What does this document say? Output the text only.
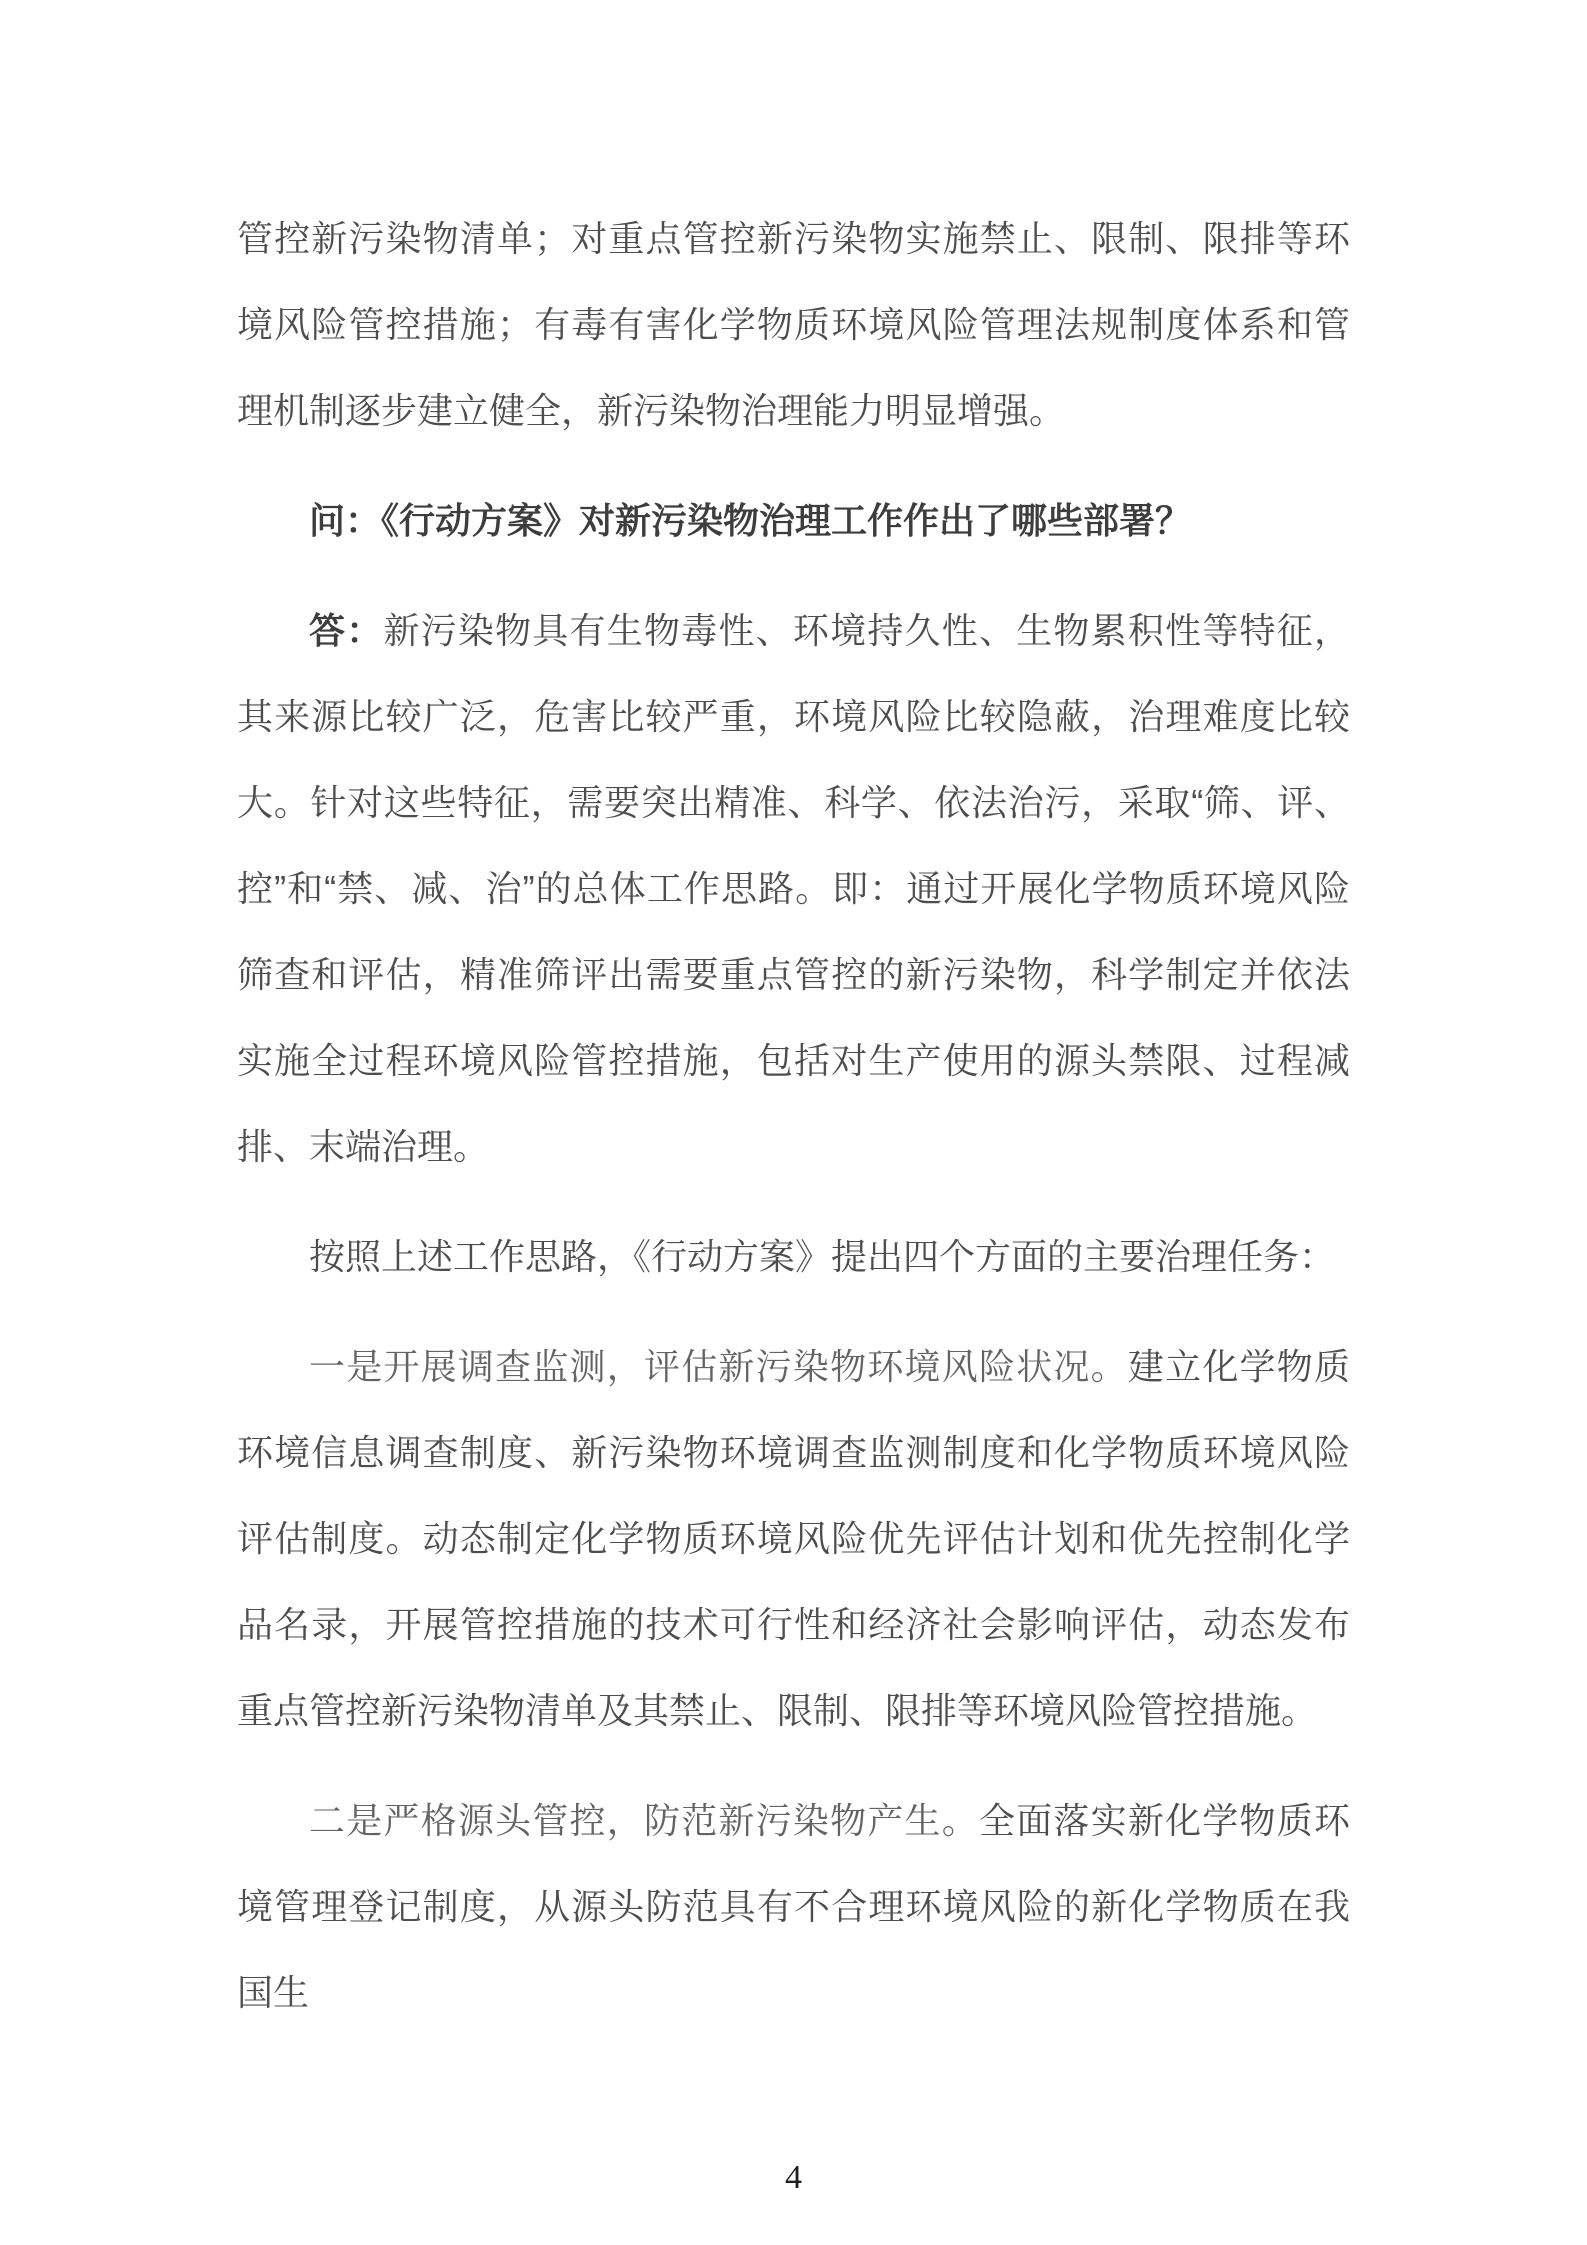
管控新污染物清单；对重点管控新污染物实施禁止、限制、限排等环境风险管控措施；有毒有害化学物质环境风险管理法规制度体系和管理机制逐步建立健全，新污染物治理能力明显增强。

问：《行动方案》对新污染物治理工作作出了哪些部署？

答：新污染物具有生物毒性、环境持久性、生物累积性等特征，其来源比较广泛，危害比较严重，环境风险比较隐蔽，治理难度比较大。针对这些特征，需要突出精准、科学、依法治污，采取“筛、评、控”和“禁、减、治”的总体工作思路。即：通过开展化学物质环境风险筛查和评估，精准筛评出需要重点管控的新污染物，科学制定并依法实施全过程环境风险管控措施，包括对生产使用的源头禁限、过程减排、末端治理。

按照上述工作思路，《行动方案》提出四个方面的主要治理任务：

一是开展调查监测，评估新污染物环境风险状况。建立化学物质环境信息调查制度、新污染物环境调查监测制度和化学物质环境风险评估制度。动态制定化学物质环境风险优先评估计划和优先控制化学品名录，开展管控措施的技术可行性和经济社会影响评估，动态发布重点管控新污染物清单及其禁止、限制、限排等环境风险管控措施。

二是严格源头管控，防范新污染物产生。全面落实新化学物质环境管理登记制度，从源头防范具有不合理环境风险的新化学物质在我国生

4
